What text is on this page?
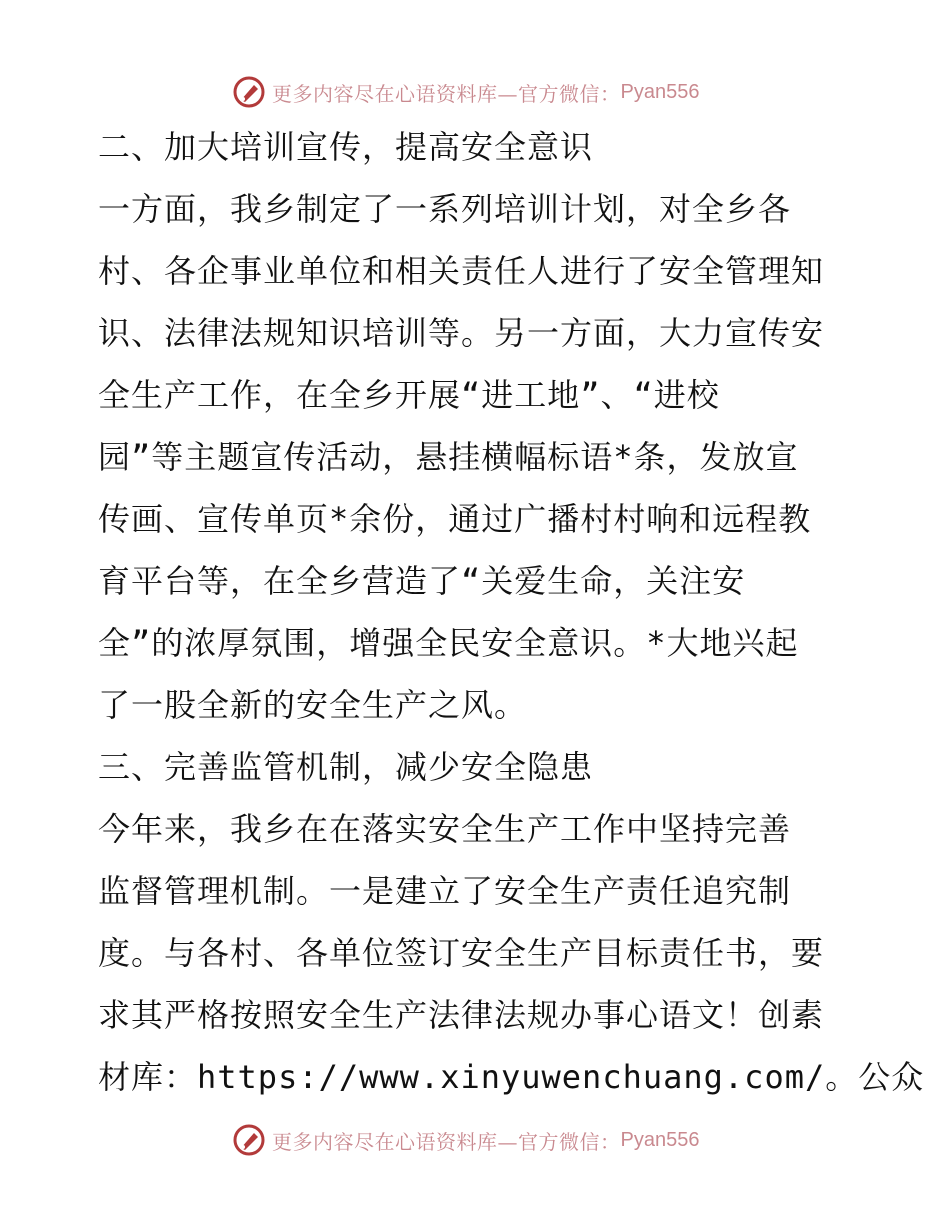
更多内容尽在心语资料库—官方微信： Pyan556
二、加大培训宣传，提高安全意识
一方面，我乡制定了一系列培训计划，对全乡各
村、各企事业单位和相关责任人进行了安全管理知
识、法律法规知识培训等。另一方面，大力宣传安
全生产工作，在全乡开展“进工地”、“进校
园”等主题宣传活动，悬挂横幅标语*条，发放宣
传画、宣传单页*余份，通过广播村村响和远程教
育平台等，在全乡营造了“关爱生命，关注安
全”的浓厚氛围，增强全民安全意识。*大地兴起
了一股全新的安全生产之风。
三、完善监管机制，减少安全隐患
今年来，我乡在在落实安全生产工作中坚持完善
监督管理机制。一是建立了安全生产责任追究制
度。与各村、各单位签订安全生产目标责任书，要
求其严格按照安全生产法律法规办事心语文！创素
材库：https://www.xinyuwenchuang.com/。公众
更多内容尽在心语资料库—官方微信： Pyan556
